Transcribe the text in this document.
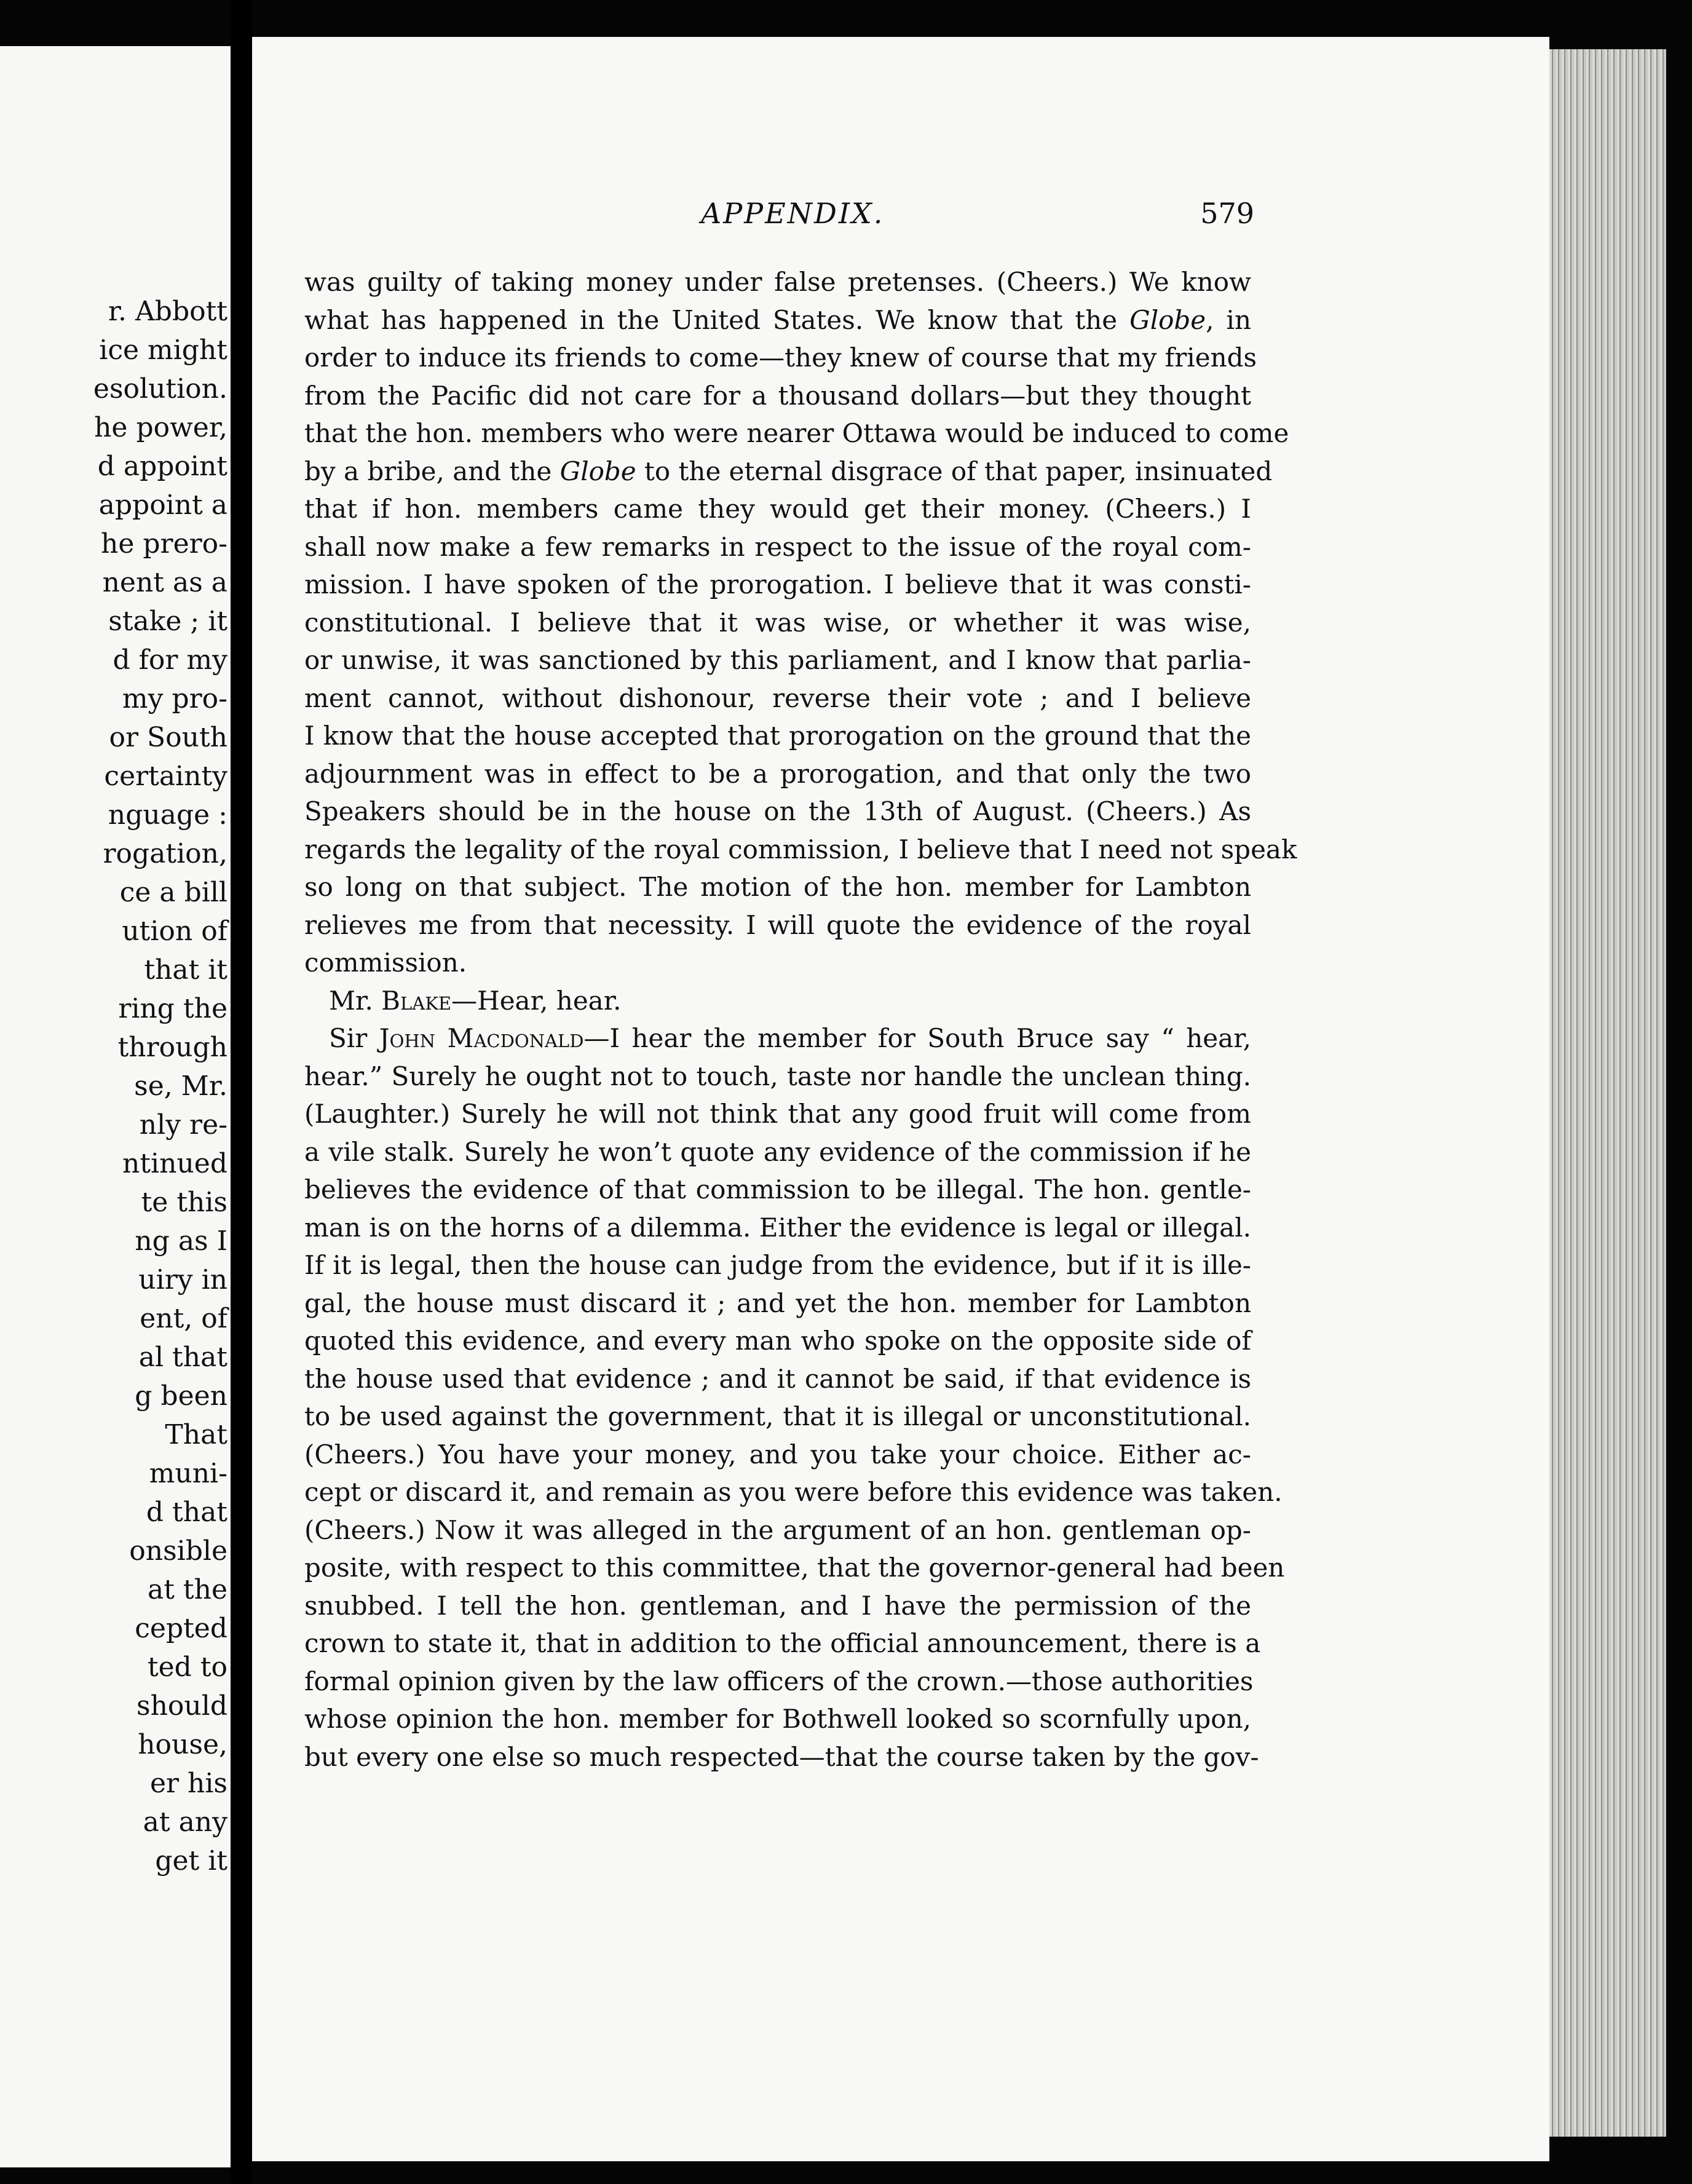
r. Abbott
ice might
esolution.
he power,
d appoint
appoint a
he prero-
nent as a
stake ; it
d for my
my pro-
or South
certainty
nguage :
rogation,
ce a bill
ution of
that it
ring the
through
se, Mr.
nly re-
ntinued
te this
ng as I
uiry in
ent, of
al that
g been
That
muni-
d that
onsible
at the
cepted
ted to
should
house,
er his
at any
get it
APPENDIX.	579
was guilty of taking money under false pretenses. (Cheers.) We know
what has happened in the United States. We know that the Globe, in
order to induce its friends to come—they knew of course that my friends
from the Pacific did not care for a thousand dollars—but they thought
that the hon. members who were nearer Ottawa would be induced to come
by a bribe, and the Globe to the eternal disgrace of that paper, insinuated
that if hon. members came they would get their money. (Cheers.) I
shall now make a few remarks in respect to the issue of the royal com-
mission. I have spoken of the prorogation. I believe that it was consti-
constitutional. I believe that it was wise, or whether it was wise,
or unwise, it was sanctioned by this parliament, and I know that parlia-
ment cannot, without dishonour, reverse their vote ; and I believe
I know that the house accepted that prorogation on the ground that the
adjournment was in effect to be a prorogation, and that only the two
Speakers should be in the house on the 13th of August. (Cheers.) As
regards the legality of the royal commission, I believe that I need not speak
so long on that subject. The motion of the hon. member for Lambton
relieves me from that necessity. I will quote the evidence of the royal
commission.
Mr. Blake—Hear, hear.
Sir John Macdonald—I hear the member for South Bruce say “ hear,
hear.” Surely he ought not to touch, taste nor handle the unclean thing.
(Laughter.) Surely he will not think that any good fruit will come from
a vile stalk. Surely he won’t quote any evidence of the commission if he
believes the evidence of that commission to be illegal. The hon. gentle-
man is on the horns of a dilemma. Either the evidence is legal or illegal.
If it is legal, then the house can judge from the evidence, but if it is ille-
gal, the house must discard it ; and yet the hon. member for Lambton
quoted this evidence, and every man who spoke on the opposite side of
the house used that evidence ; and it cannot be said, if that evidence is
to be used against the government, that it is illegal or unconstitutional.
(Cheers.) You have your money, and you take your choice. Either ac-
cept or discard it, and remain as you were before this evidence was taken.
(Cheers.) Now it was alleged in the argument of an hon. gentleman op-
posite, with respect to this committee, that the governor-general had been
snubbed. I tell the hon. gentleman, and I have the permission of the
crown to state it, that in addition to the official announcement, there is a
formal opinion given by the law officers of the crown.—those authorities
whose opinion the hon. member for Bothwell looked so scornfully upon,
but every one else so much respected—that the course taken by the gov-
